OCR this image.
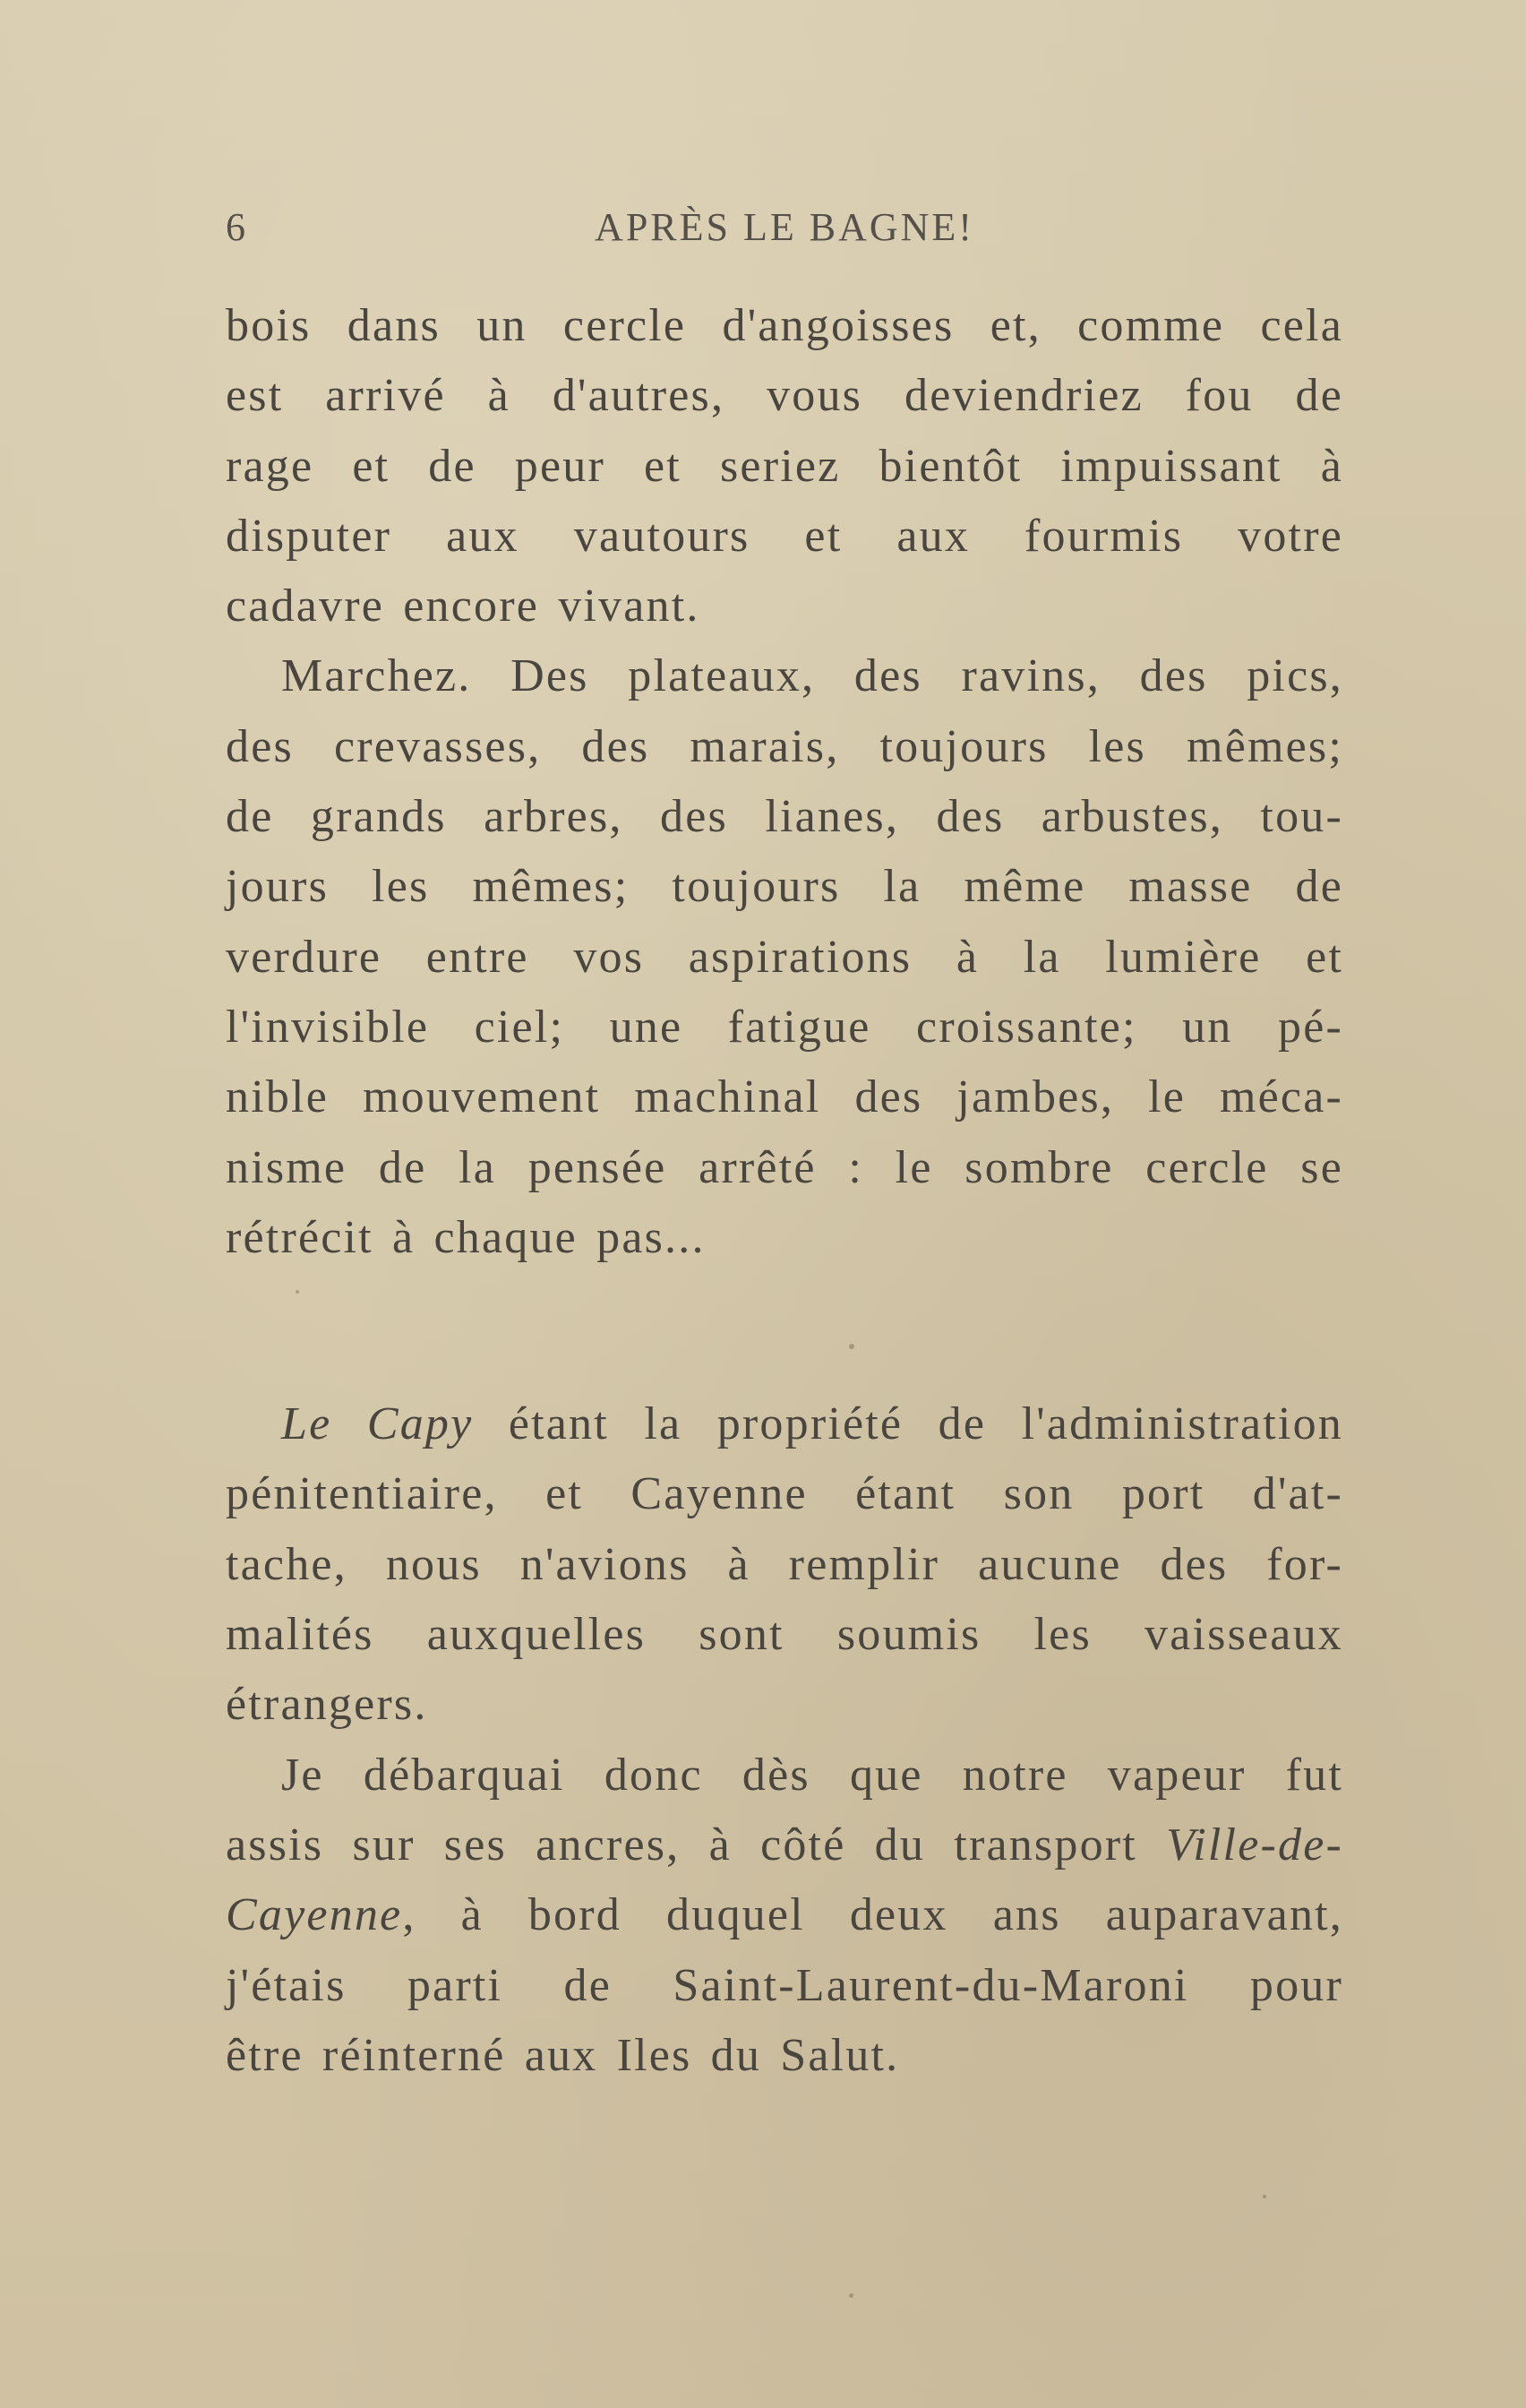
6	APRÈS LE BAGNE!
bois dans un cercle d'angoisses et, comme cela
est arrivé à d'autres, vous deviendriez fou de
rage et de peur et seriez bientôt impuissant à
disputer aux vautours et aux fourmis votre
cadavre encore vivant.
Marchez. Des plateaux, des ravins, des pics,
des crevasses, des marais, toujours les mêmes;
de grands arbres, des lianes, des arbustes, tou-
jours les mêmes; toujours la même masse de
verdure entre vos aspirations à la lumière et
l'invisible ciel; une fatigue croissante; un pé-
nible mouvement machinal des jambes, le méca-
nisme de la pensée arrêté : le sombre cercle se
rétrécit à chaque pas...
Le Capy étant la propriété de l'administration
pénitentiaire, et Cayenne étant son port d'at-
tache, nous n'avions à remplir aucune des for-
malités auxquelles sont soumis les vaisseaux
étrangers.
Je débarquai donc dès que notre vapeur fut
assis sur ses ancres, à côté du transport Ville-de-
Cayenne, à bord duquel deux ans auparavant,
j'étais parti de Saint-Laurent-du-Maroni pour
être réinterné aux Iles du Salut.
